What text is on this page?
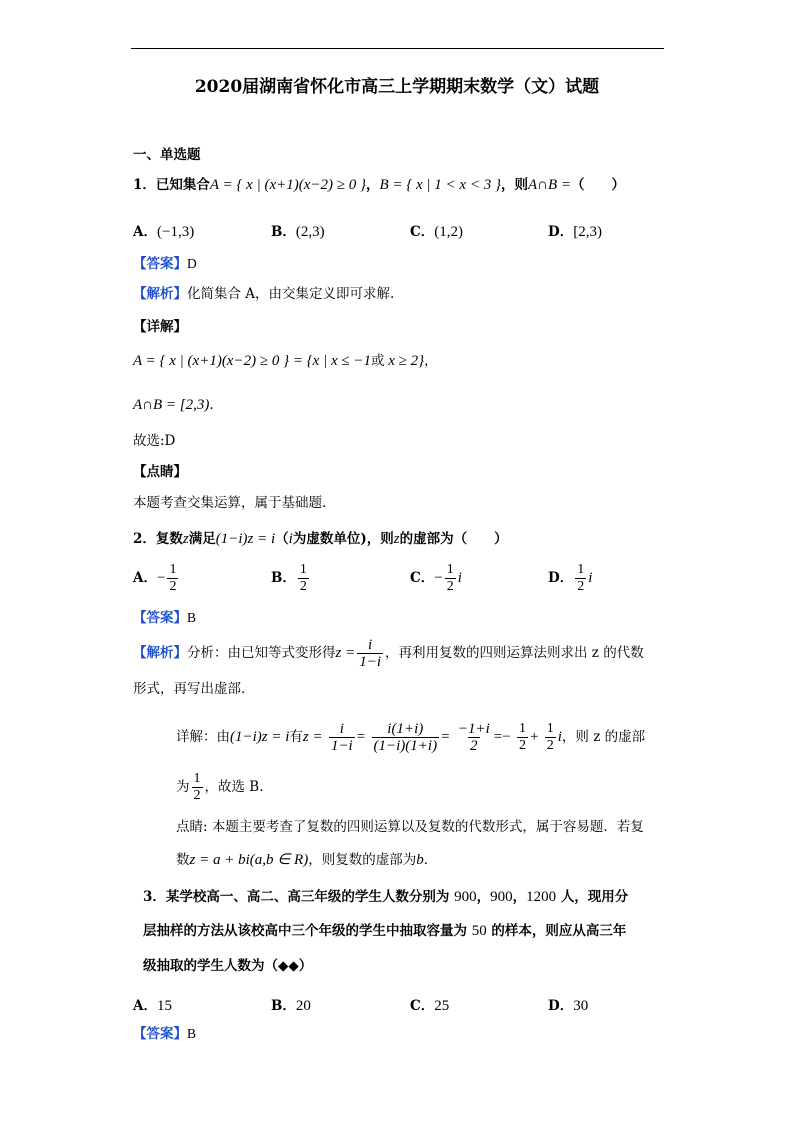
2020届湖南省怀化市高三上学期期末数学（文）试题
一、单选题
1．已知集合A = { x | (x+1)(x−2) ≥ 0 }，B = { x | 1 < x < 3 }，则A∩B =（　　）
A．(−1,3)	B．(2,3)	C．(1,2)	D．[2,3)
【答案】D
【解析】化简集合 A，由交集定义即可求解.
【详解】
A = { x | (x+1)(x−2) ≥ 0 } = {x | x ≤ −1或 x ≥ 2}，
A∩B = [2,3).
故选:D
【点睛】
本题考查交集运算，属于基础题.
2．复数z满足(1−i)z = i（i为虚数单位)，则z的虚部为（　　）
A．− $\frac{1}{2}$	B． $\frac{1}{2}$	C．− $\frac{1}{2}$ i	D． $\frac{1}{2}$ i
【答案】B
【解析】分析：由已知等式变形得$z = \frac{i}{1-i}$ ，再利用复数的四则运算法则求出 z 的代数
形式，再写出虚部．
详解：由(1−i)z = i有$z = \frac{i}{1-i} = \frac{i(1+i)}{(1-i)(1+i)} = \frac{-1+i}{2} =- \frac{1}{2} + \frac{1}{2}$ i，则 z 的虚部
为 $\frac{1}{2}$ ，故选 B.
点睛: 本题主要考查了复数的四则运算以及复数的代数形式，属于容易题．若复
数z = a + bi(a,b ∈ R)，则复数的虚部为b．
3．某学校高一、高二、高三年级的学生人数分别为 900，900，1200 人，现用分
层抽样的方法从该校高中三个年级的学生中抽取容量为 50 的样本，则应从高三年
级抽取的学生人数为（◆◆）
A．15	B．20	C．25	D．30
【答案】B
